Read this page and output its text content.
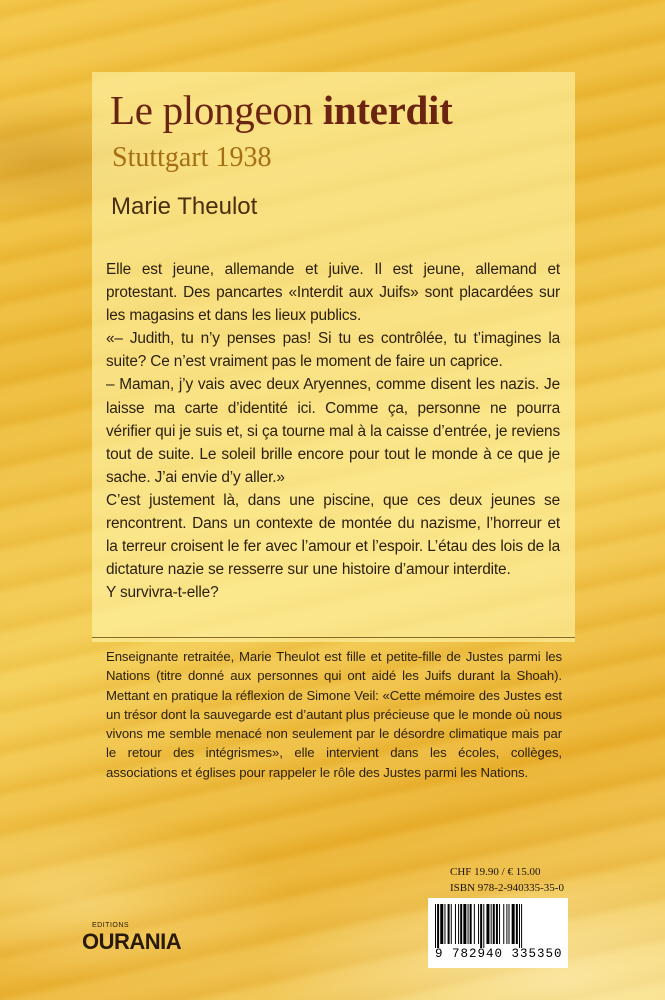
Le plongeon interdit
Stuttgart 1938
Marie Theulot

Elle est jeune, allemande et juive. Il est jeune, allemand et protestant. Des pancartes «Interdit aux Juifs» sont placardées sur les magasins et dans les lieux publics.

«– Judith, tu n’y penses pas! Si tu es contrôlée, tu t’imagines la suite? Ce n’est vraiment pas le moment de faire un caprice.

– Maman, j’y vais avec deux Aryennes, comme disent les nazis. Je laisse ma carte d’identité ici. Comme ça, personne ne pourra vérifier qui je suis et, si ça tourne mal à la caisse d’entrée, je reviens tout de suite. Le soleil brille encore pour tout le monde à ce que je sache. J’ai envie d’y aller.»

C’est justement là, dans une piscine, que ces deux jeunes se rencontrent. Dans un contexte de montée du nazisme, l’horreur et la terreur croisent le fer avec l’amour et l’espoir. L’étau des lois de la dictature nazie se resserre sur une histoire d’amour interdite.

Y survivra-t-elle?

Enseignante retraitée, Marie Theulot est fille et petite-fille de Justes parmi les Nations (titre donné aux personnes qui ont aidé les Juifs durant la Shoah). Mettant en pratique la réflexion de Simone Veil: «Cette mémoire des Justes est un trésor dont la sauvegarde est d’autant plus précieuse que le monde où nous vivons me semble menacé non seulement par le désordre climatique mais par le retour des intégrismes», elle intervient dans les écoles, collèges, associations et églises pour rappeler le rôle des Justes parmi les Nations.
EDITIONS
OURANIA
CHF 19.90 / € 15.00
ISBN 978-2-940335-35-0
9 782940 335350
